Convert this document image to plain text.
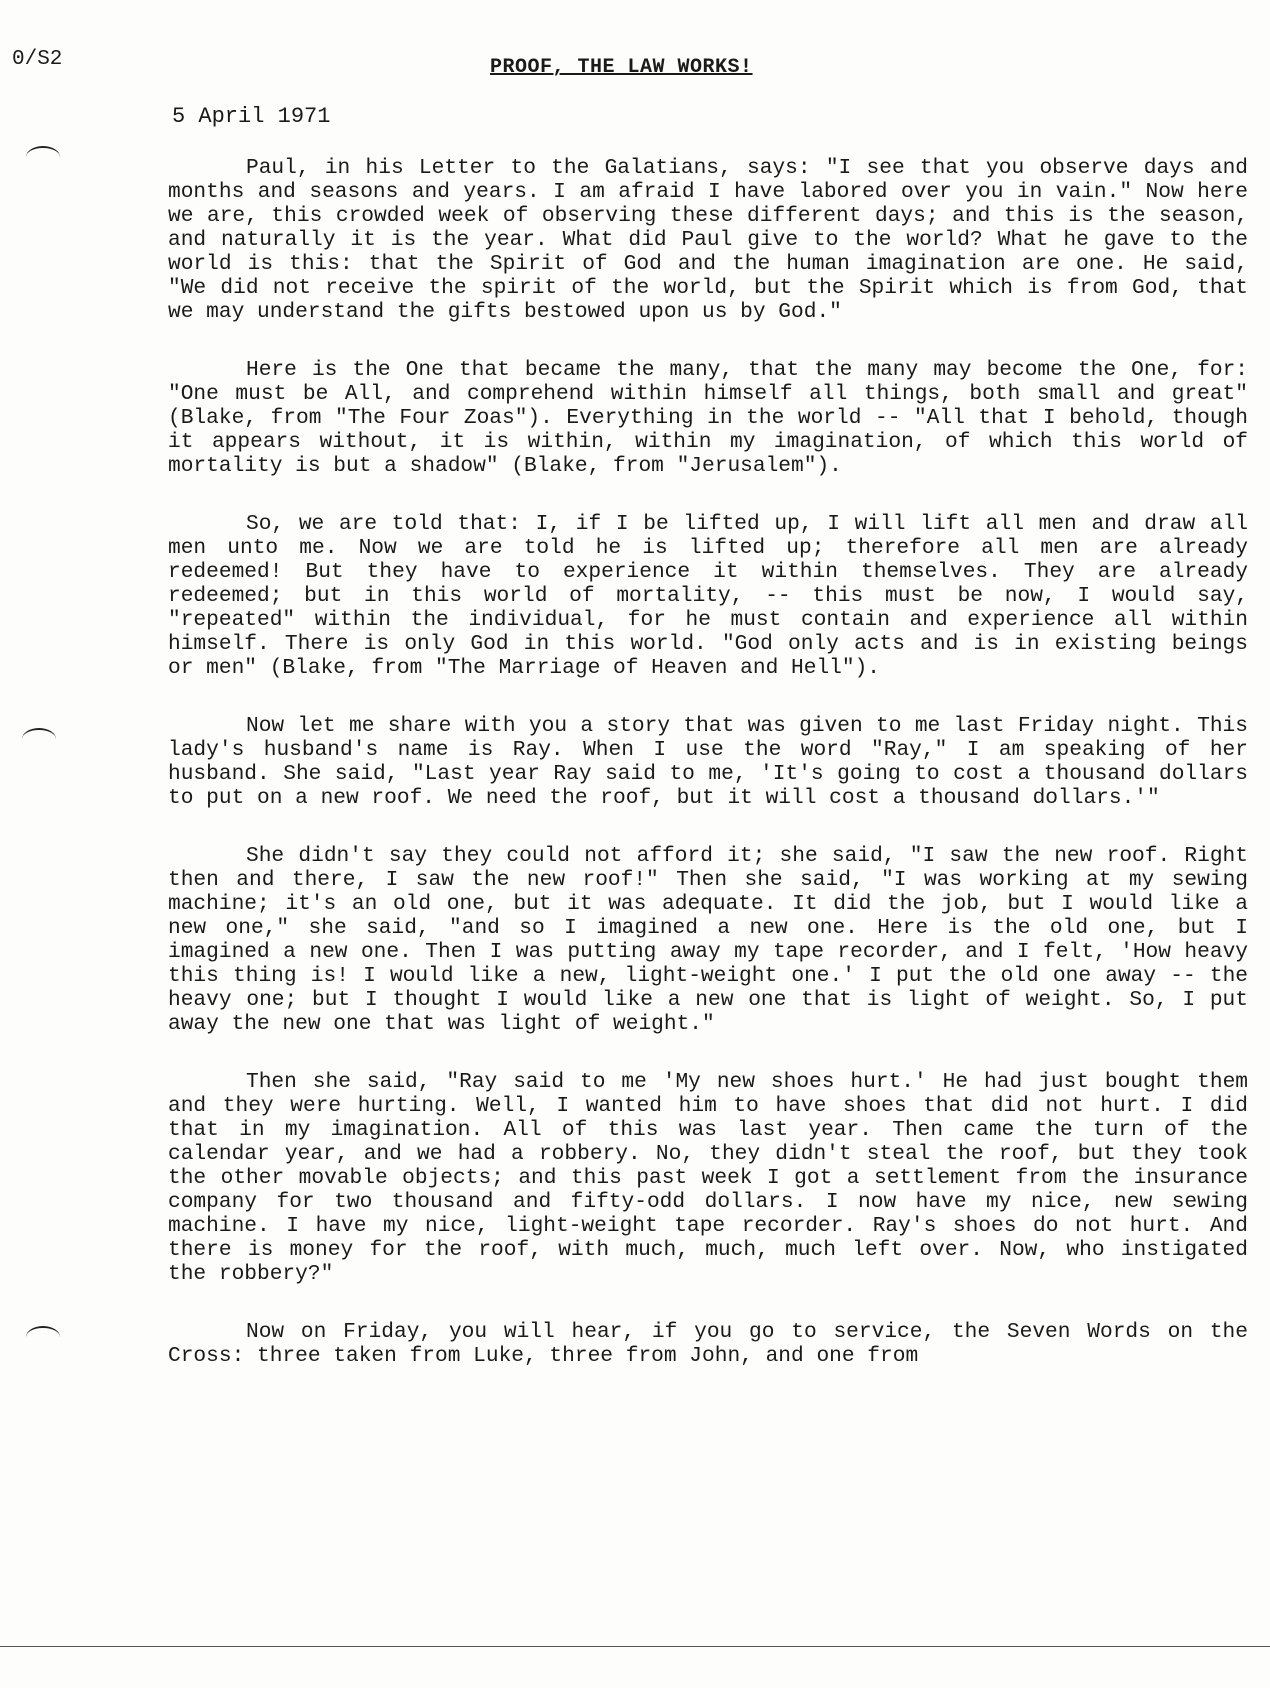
0/S2	PROOF, THE LAW WORKS!
5 April 1971

Paul, in his Letter to the Galatians, says: "I see that you observe days and months and seasons and years. I am afraid I have labored over you in vain." Now here we are, this crowded week of observing these different days; and this is the season, and naturally it is the year. What did Paul give to the world? What he gave to the world is this: that the Spirit of God and the human imagination are one. He said, "We did not receive the spirit of the world, but the Spirit which is from God, that we may understand the gifts bestowed upon us by God."

Here is the One that became the many, that the many may become the One, for: "One must be All, and comprehend within himself all things, both small and great" (Blake, from "The Four Zoas"). Everything in the world -- "All that I behold, though it appears without, it is within, within my imagination, of which this world of mortality is but a shadow" (Blake, from "Jerusalem").

So, we are told that: I, if I be lifted up, I will lift all men and draw all men unto me. Now we are told he is lifted up; therefore all men are already redeemed! But they have to experience it within themselves. They are already redeemed; but in this world of mortality, -- this must be now, I would say, "repeated" within the individual, for he must contain and experience all within himself. There is only God in this world. "God only acts and is in existing beings or men" (Blake, from "The Marriage of Heaven and Hell").

Now let me share with you a story that was given to me last Friday night. This lady's husband's name is Ray. When I use the word "Ray," I am speaking of her husband. She said, "Last year Ray said to me, 'It's going to cost a thousand dollars to put on a new roof. We need the roof, but it will cost a thousand dollars.'"

She didn't say they could not afford it; she said, "I saw the new roof. Right then and there, I saw the new roof!" Then she said, "I was working at my sewing machine; it's an old one, but it was adequate. It did the job, but I would like a new one," she said, "and so I imagined a new one. Here is the old one, but I imagined a new one. Then I was putting away my tape recorder, and I felt, 'How heavy this thing is! I would like a new, light-weight one.' I put the old one away -- the heavy one; but I thought I would like a new one that is light of weight. So, I put away the new one that was light of weight."

Then she said, "Ray said to me 'My new shoes hurt.' He had just bought them and they were hurting. Well, I wanted him to have shoes that did not hurt. I did that in my imagination. All of this was last year. Then came the turn of the calendar year, and we had a robbery. No, they didn't steal the roof, but they took the other movable objects; and this past week I got a settlement from the insurance company for two thousand and fifty-odd dollars. I now have my nice, new sewing machine. I have my nice, light-weight tape recorder. Ray's shoes do not hurt. And there is money for the roof, with much, much, much left over. Now, who instigated the robbery?"

Now on Friday, you will hear, if you go to service, the Seven Words on the Cross: three taken from Luke, three from John, and one from
